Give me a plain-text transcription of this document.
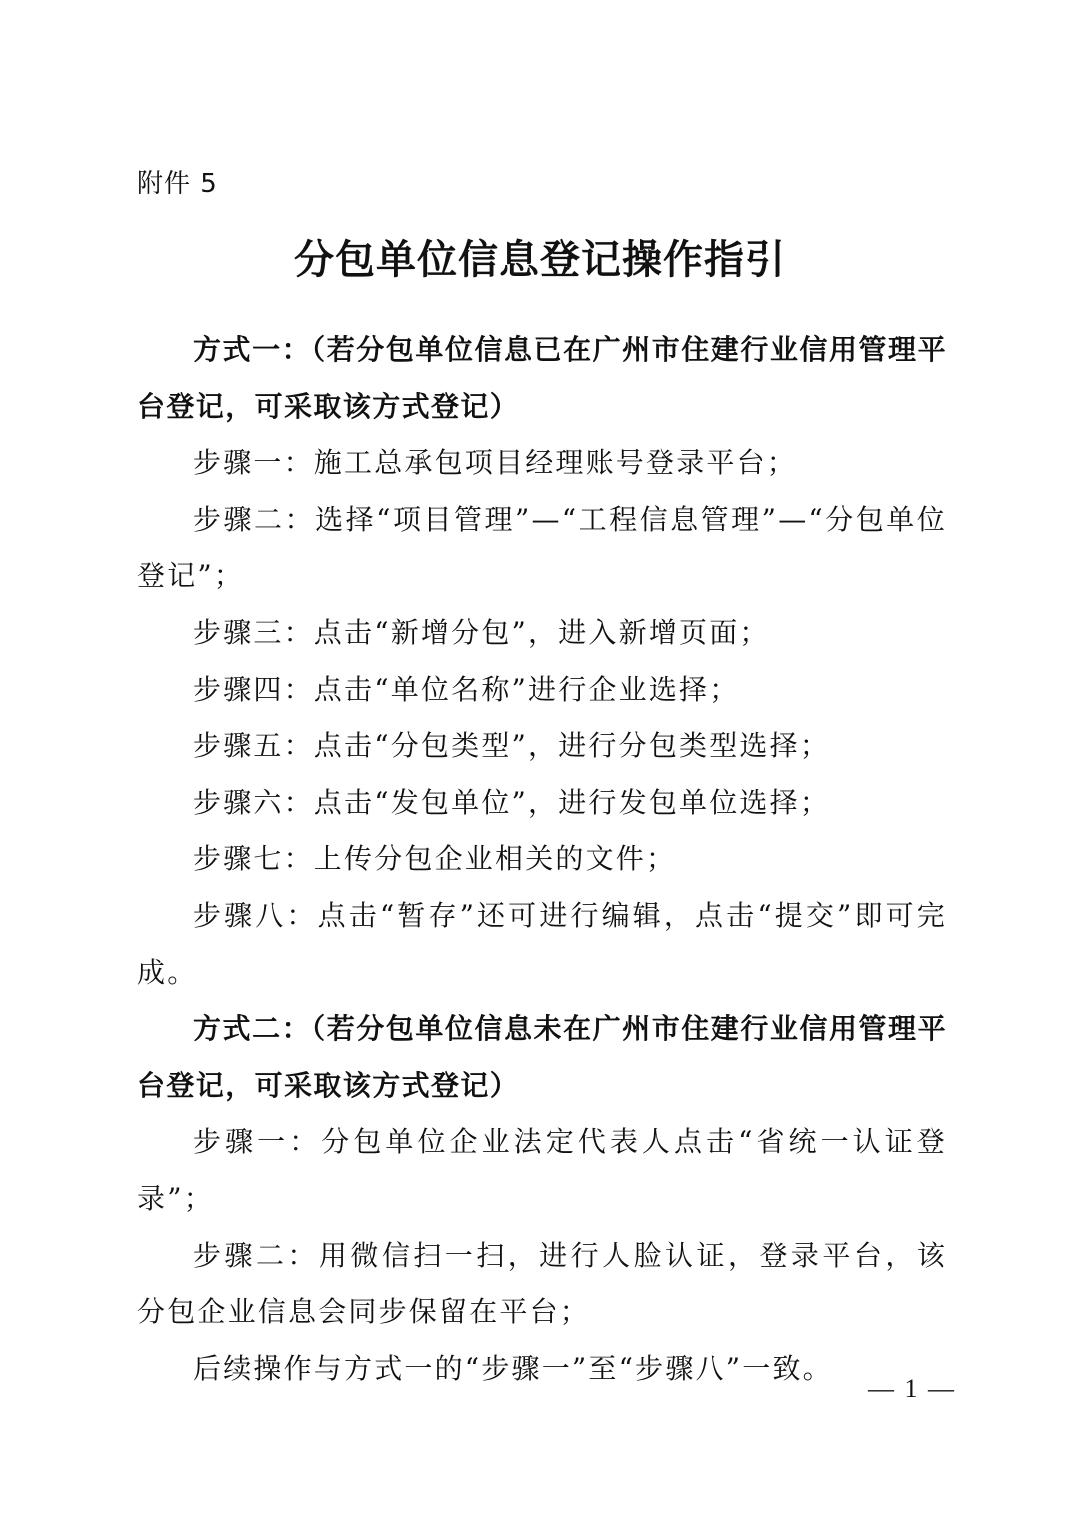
附件 5
分包单位信息登记操作指引

方式一：（若分包单位信息已在广州市住建行业信用管理平台登记，可采取该方式登记）

步骤一：施工总承包项目经理账号登录平台；

步骤二：选择“项目管理”—“工程信息管理”—“分包单位登记”；

步骤三：点击“新增分包”，进入新增页面；

步骤四：点击“单位名称”进行企业选择；

步骤五：点击“分包类型”，进行分包类型选择；

步骤六：点击“发包单位”，进行发包单位选择；

步骤七：上传分包企业相关的文件；

步骤八：点击“暂存”还可进行编辑，点击“提交”即可完成。

方式二：（若分包单位信息未在广州市住建行业信用管理平台登记，可采取该方式登记）

步骤一：分包单位企业法定代表人点击“省统一认证登录”；

步骤二：用微信扫一扫，进行人脸认证，登录平台，该分包企业信息会同步保留在平台；

后续操作与方式一的“步骤一”至“步骤八”一致。

— 1 —
